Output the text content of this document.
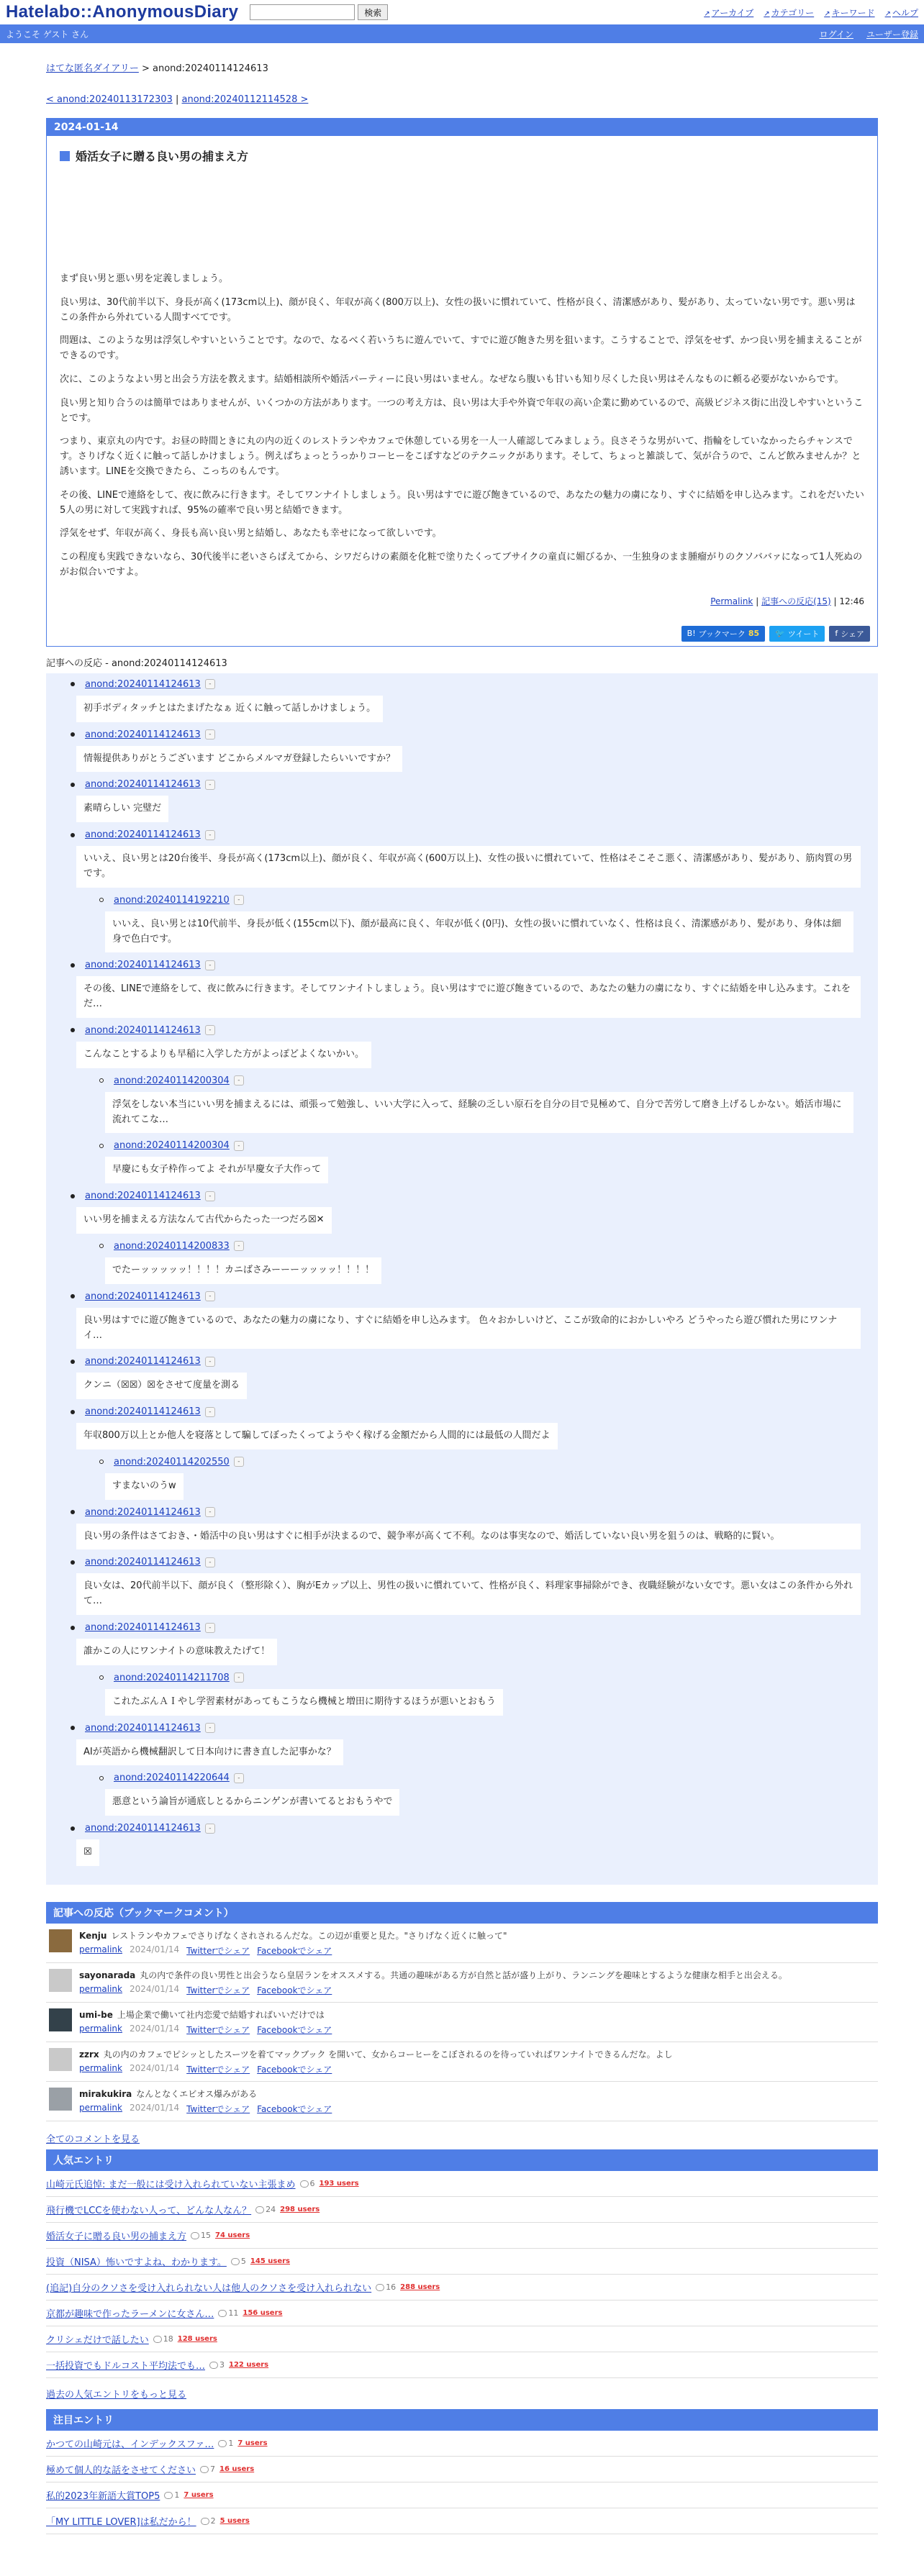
Hatelabo::AnonymousDiary	検索	↗ アーカイブ	↗ カテゴリー	↗ キーワード	↗ ヘルプ
ようこそ ゲスト さん	ログイン ユーザー登録
はてな匿名ダイアリー > anond:20240114124613
< anond:20240113172303 | anond:20240112114528 >
2024-01-14
婚活女子に贈る良い男の捕まえ方

まず良い男と悪い男を定義しましょう。

良い男は、30代前半以下、身長が高く(173cm以上)、顔が良く、年収が高く(800万以上)、女性の扱いに慣れていて、性格が良く、清潔感があり、髪があり、太っていない男です。悪い男はこの条件から外れている人間すべてです。

問題は、このような男は浮気しやすいということです。なので、なるべく若いうちに遊んでいて、すでに遊び飽きた男を狙います。こうすることで、浮気をせず、かつ良い男を捕まえることができるのです。

次に、このようなよい男と出会う方法を教えます。結婚相談所や婚活パーティーに良い男はいません。なぜなら腹いも甘いも知り尽くした良い男はそんなものに頼る必要がないからです。

良い男と知り合うのは簡単ではありませんが、いくつかの方法があります。一つの考え方は、良い男は大手や外資で年収の高い企業に勤めているので、高級ビジネス街に出没しやすいということです。

つまり、東京丸の内です。お昼の時間ときに丸の内の近くのレストランやカフェで休憩している男を一人一人確認してみましょう。良さそうな男がいて、指輪をしていなかったらチャンスです。さりげなく近くに触って話しかけましょう。例えばちょっとうっかりコーヒーをこぼすなどのテクニックがあります。そして、ちょっと雑談して、気が合うので、こんど飲みませんか？と誘います。LINEを交換できたら、こっちのもんです。

その後、LINEで連絡をして、夜に飲みに行きます。そしてワンナイトしましょう。良い男はすでに遊び飽きているので、あなたの魅力の虜になり、すぐに結婚を申し込みます。これをだいたい5人の男に対して実践すれば、95%の確率で良い男と結婚できます。

浮気をせず、年収が高く、身長も高い良い男と結婚し、あなたも幸せになって欲しいです。

この程度も実践できないなら、30代後半に老いさらばえてから、シワだらけの素顔を化粧で塗りたくってブサイクの童貞に媚びるか、一生独身のまま腫瘤がりのクソババァになって1人死ぬのがお似合いですよ。

Permalink | 記事への反応(15) | 12:46
B! ブックマーク 85 🐦 ツイート f シェア
記事への反応 - anond:20240114124613
anond:20240114124613	-
初手ボディタッチとはたまげたなぁ 近くに触って話しかけましょう。
anond:20240114124613	-
情報提供ありがとうございます どこからメルマガ登録したらいいですか？
anond:20240114124613	-
素晴らしい 完璧だ
anond:20240114124613	-
いいえ、良い男とは20台後半、身長が高く(173cm以上)、顔が良く、年収が高く(600万以上)、女性の扱いに慣れていて、性格はそこそこ悪く、清潔感があり、髪があり、筋肉質の男です。
anond:20240114192210	-
いいえ、良い男とは10代前半、身長が低く(155cm以下)、顔が最高に良く、年収が低く(0円)、女性の扱いに慣れていなく、性格は良く、清潔感があり、髪があり、身体は細身で色白です。
anond:20240114124613	-
その後、LINEで連絡をして、夜に飲みに行きます。そしてワンナイトしましょう。良い男はすでに遊び飽きているので、あなたの魅力の虜になり、すぐに結婚を申し込みます。これをだ…
anond:20240114124613	-
こんなことするよりも早稲に入学した方がよっぽどよくないかい。
anond:20240114200304	-
浮気をしない本当にいい男を捕まえるには、頑張って勉強し、いい大学に入って、経験の乏しい原石を自分の目で見極めて、自分で苦労して磨き上げるしかない。婚活市場に流れてこな…
anond:20240114200304	-
早慶にも女子枠作ってよ それが早慶女子大作って
anond:20240114124613	-
いい男を捕まえる方法なんて古代からたった一つだろ☒✕
anond:20240114200833	-
でたーッッッッッ！！！！カニばさみーーーッッッッ！！！！
anond:20240114124613	-
良い男はすでに遊び飽きているので、あなたの魅力の虜になり、すぐに結婚を申し込みます。 色々おかしいけど、ここが致命的におかしいやろ どうやったら遊び慣れた男にワンナイ…
anond:20240114124613	-
クンニ（☒☒）☒をさせて度量を測る
anond:20240114124613	-
年収800万以上とか他人を寝落として騙してぼったくってようやく稼げる金額だから人間的には最低の人間だよ
anond:20240114202550	-
すまないのうw
anond:20240114124613	-
良い男の条件はさておき、・婚活中の良い男はすぐに相手が決まるので、競争率が高くて不利。なのは事実なので、婚活していない良い男を狙うのは、戦略的に賢い。
anond:20240114124613	-
良い女は、20代前半以下、顔が良く（整形除く）、胸がEカップ以上、男性の扱いに慣れていて、性格が良く、料理家事掃除ができ、夜職経験がない女です。悪い女はこの条件から外れて…
anond:20240114124613	-
誰かこの人にワンナイトの意味教えたげて！
anond:20240114211708	-
これたぶんＡＩやし学習素材があってもこうなら機械と増田に期待するほうが悪いとおもう
anond:20240114124613	-
AIが英語から機械翻訳して日本向けに書き直した記事かな？
anond:20240114220644	-
悪意という論旨が通底しとるからニンゲンが書いてるとおもうやで
anond:20240114124613	-
☒
記事への反応（ブックマークコメント）
Kenju レストランやカフェでさりげなくされされるんだな。この辺が重要と見た。"さりげなく近くに触って"
permalink 2024/01/14 Twitterでシェア Facebookでシェア
sayonarada 丸の内で条件の良い男性と出会うなら皇居ランをオススメする。共通の趣味がある方が自然と話が盛り上がり、ランニングを趣味とするような健康な相手と出会える。
permalink 2024/01/14 Twitterでシェア Facebookでシェア
umi-be 上場企業で働いて社内恋愛で結婚すればいいだけでは
permalink 2024/01/14 Twitterでシェア Facebookでシェア
zzrx 丸の内のカフェでピシッとしたスーツを着てマックブック を開いて、女からコーヒーをこぼされるのを待っていればワンナイトできるんだな。よし
permalink 2024/01/14 Twitterでシェア Facebookでシェア
mirakukira なんとなくエビオス爆みがある
permalink 2024/01/14 Twitterでシェア Facebookでシェア
全てのコメントを見る
人気エントリ
山崎元氏追悼: まだ一般には受け入れられていない主張まめ 6 193 users
飛行機でLCCを使わない人って、どんな人なん？ 24 298 users
婚活女子に贈る良い男の捕まえ方 15 74 users
投資（NISA）怖いですよね、わかります。 5 145 users
(追記)自分のクソさを受け入れられない人は他人のクソさを受け入れられない 16 288 users
京都が趣味で作ったラーメンに女さん… 11 156 users
クリシェだけで話したい 18 128 users
一括投資でもドルコスト平均法でも… 3 122 users
過去の人気エントリをもっと見る
注目エントリ
かつての山崎元は、インデックスファ… 1 7 users
極めて個人的な話をさせてください 7 16 users
私的2023年新語大賞TOP5 1 7 users
「MY LITTLE LOVER]は私だから！ 2 5 users
